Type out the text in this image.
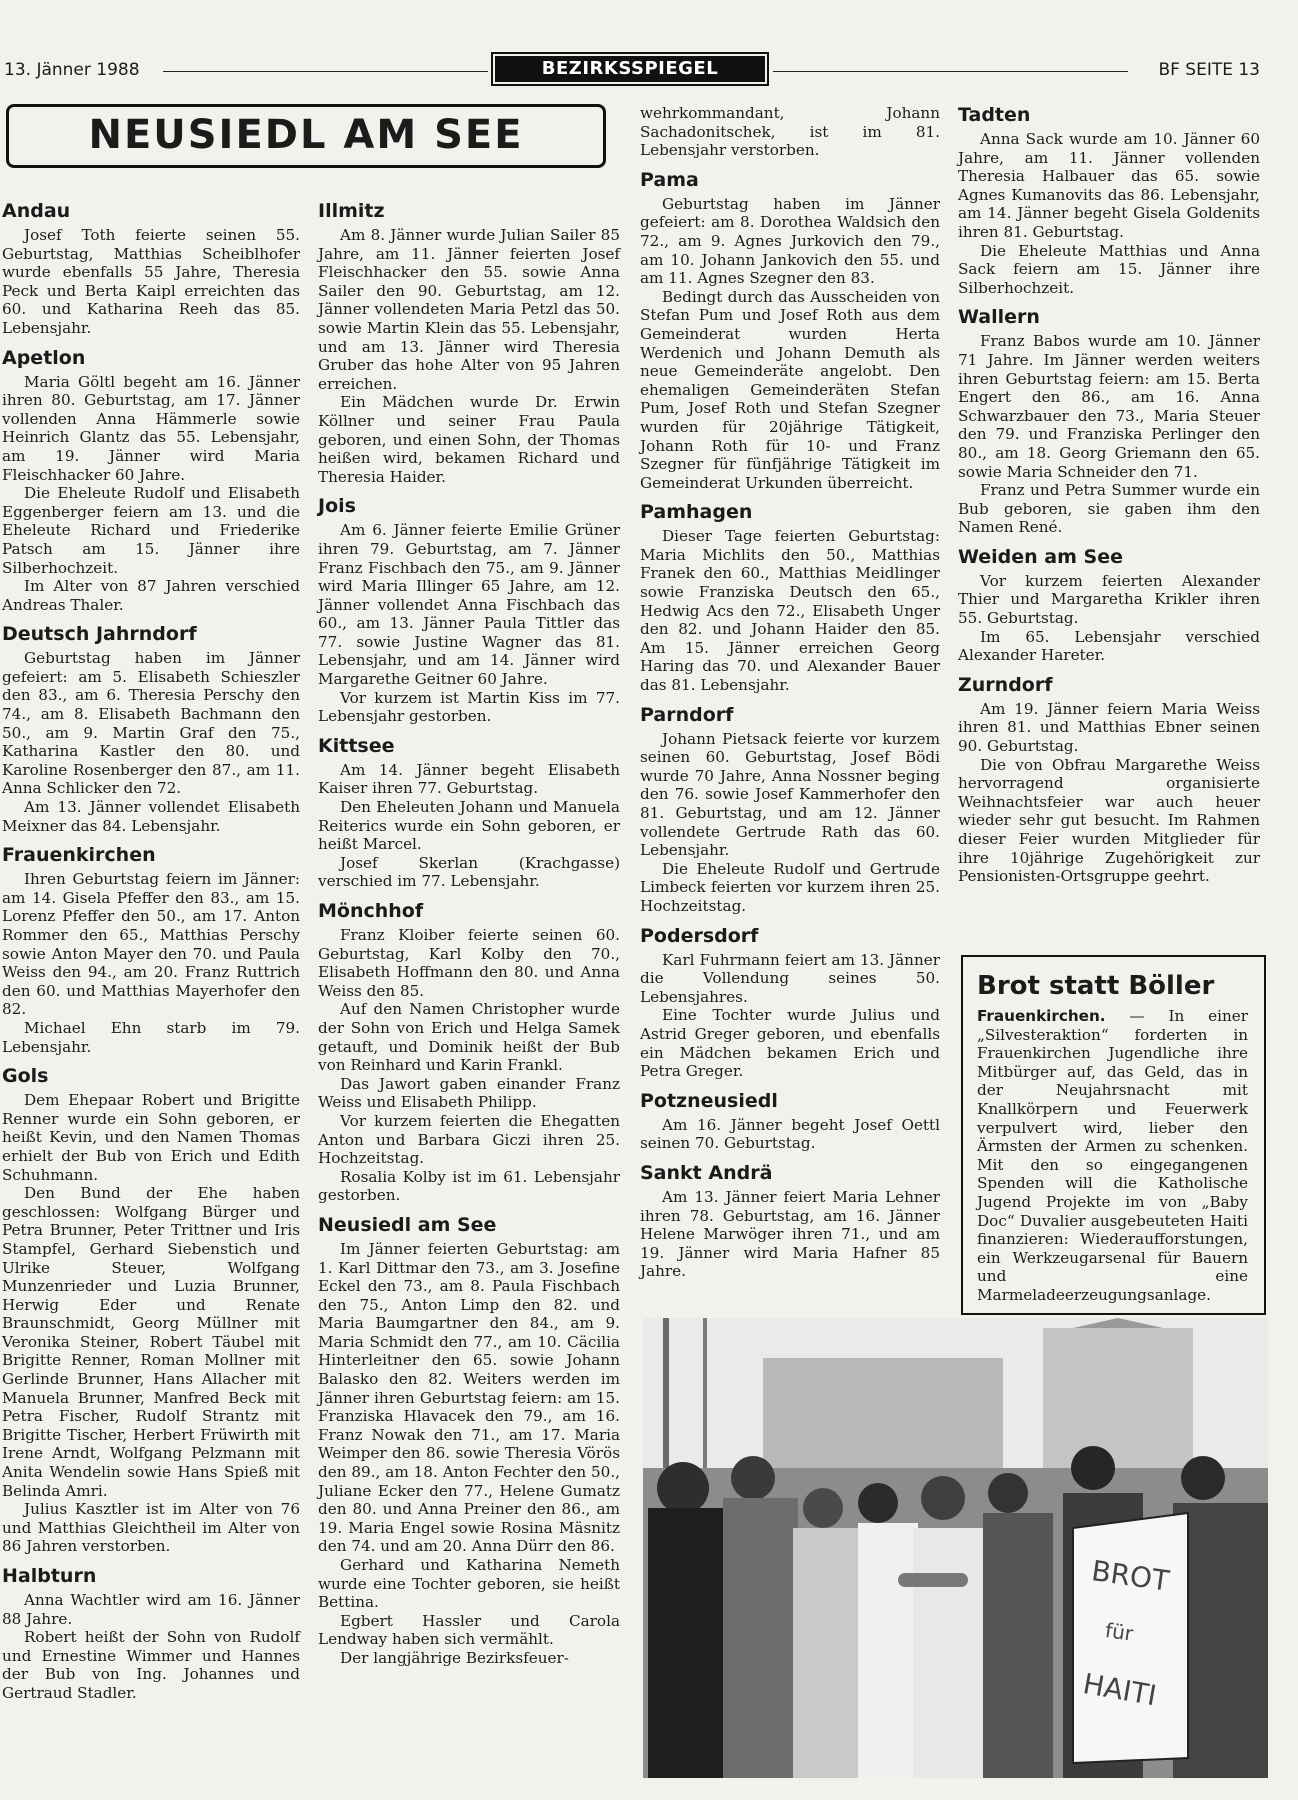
13. Jänner 1988	BEZIRKSSPIEGEL	BF SEITE 13
NEUSIEDL AM SEE
Andau

Josef Toth feierte seinen 55. Geburtstag, Matthias Scheiblhofer wurde ebenfalls 55 Jahre, Theresia Peck und Berta Kaipl erreichten das 60. und Katharina Reeh das 85. Lebensjahr.

Apetlon

Maria Göltl begeht am 16. Jänner ihren 80. Geburtstag, am 17. Jänner vollenden Anna Hämmerle sowie Heinrich Glantz das 55. Lebensjahr, am 19. Jänner wird Maria Fleischhacker 60 Jahre.

Die Eheleute Rudolf und Elisabeth Eggenberger feiern am 13. und die Eheleute Richard und Friederike Patsch am 15. Jänner ihre Silberhochzeit.

Im Alter von 87 Jahren verschied Andreas Thaler.

Deutsch Jahrndorf

Geburtstag haben im Jänner gefeiert: am 5. Elisabeth Schieszler den 83., am 6. Theresia Perschy den 74., am 8. Elisabeth Bachmann den 50., am 9. Martin Graf den 75., Katharina Kastler den 80. und Karoline Rosenberger den 87., am 11. Anna Schlicker den 72.

Am 13. Jänner vollendet Elisabeth Meixner das 84. Lebensjahr.

Frauenkirchen

Ihren Geburtstag feiern im Jänner: am 14. Gisela Pfeffer den 83., am 15. Lorenz Pfeffer den 50., am 17. Anton Rommer den 65., Matthias Perschy sowie Anton Mayer den 70. und Paula Weiss den 94., am 20. Franz Ruttrich den 60. und Matthias Mayerhofer den 82.

Michael Ehn starb im 79. Lebensjahr.

Gols

Dem Ehepaar Robert und Brigitte Renner wurde ein Sohn geboren, er heißt Kevin, und den Namen Thomas erhielt der Bub von Erich und Edith Schuhmann.

Den Bund der Ehe haben geschlossen: Wolfgang Bürger und Petra Brunner, Peter Trittner und Iris Stampfel, Gerhard Siebenstich und Ulrike Steuer, Wolfgang Munzenrieder und Luzia Brunner, Herwig Eder und Renate Braunschmidt, Georg Müllner mit Veronika Steiner, Robert Täubel mit Brigitte Renner, Roman Mollner mit Gerlinde Brunner, Hans Allacher mit Manuela Brunner, Manfred Beck mit Petra Fischer, Rudolf Strantz mit Brigitte Tischer, Herbert Früwirth mit Irene Arndt, Wolfgang Pelzmann mit Anita Wendelin sowie Hans Spieß mit Belinda Amri.

Julius Kasztler ist im Alter von 76 und Matthias Gleichtheil im Alter von 86 Jahren verstorben.

Halbturn

Anna Wachtler wird am 16. Jänner 88 Jahre.

Robert heißt der Sohn von Rudolf und Ernestine Wimmer und Hannes der Bub von Ing. Johannes und Gertraud Stadler.

Illmitz

Am 8. Jänner wurde Julian Sailer 85 Jahre, am 11. Jänner feierten Josef Fleischhacker den 55. sowie Anna Sailer den 90. Geburtstag, am 12. Jänner vollendeten Maria Petzl das 50. sowie Martin Klein das 55. Lebensjahr, und am 13. Jänner wird Theresia Gruber das hohe Alter von 95 Jahren erreichen.

Ein Mädchen wurde Dr. Erwin Köllner und seiner Frau Paula geboren, und einen Sohn, der Thomas heißen wird, bekamen Richard und Theresia Haider.

Jois

Am 6. Jänner feierte Emilie Grüner ihren 79. Geburtstag, am 7. Jänner Franz Fischbach den 75., am 9. Jänner wird Maria Illinger 65 Jahre, am 12. Jänner vollendet Anna Fischbach das 60., am 13. Jänner Paula Tittler das 77. sowie Justine Wagner das 81. Lebensjahr, und am 14. Jänner wird Margarethe Geitner 60 Jahre.

Vor kurzem ist Martin Kiss im 77. Lebensjahr gestorben.

Kittsee

Am 14. Jänner begeht Elisabeth Kaiser ihren 77. Geburtstag.

Den Eheleuten Johann und Manuela Reiterics wurde ein Sohn geboren, er heißt Marcel.

Josef Skerlan (Krachgasse) verschied im 77. Lebensjahr.

Mönchhof

Franz Kloiber feierte seinen 60. Geburtstag, Karl Kolby den 70., Elisabeth Hoffmann den 80. und Anna Weiss den 85.

Auf den Namen Christopher wurde der Sohn von Erich und Helga Samek getauft, und Dominik heißt der Bub von Reinhard und Karin Frankl.

Das Jawort gaben einander Franz Weiss und Elisabeth Philipp.

Vor kurzem feierten die Ehegatten Anton und Barbara Giczi ihren 25. Hochzeitstag.

Rosalia Kolby ist im 61. Lebensjahr gestorben.

Neusiedl am See

Im Jänner feierten Geburtstag: am 1. Karl Dittmar den 73., am 3. Josefine Eckel den 73., am 8. Paula Fischbach den 75., Anton Limp den 82. und Maria Baumgartner den 84., am 9. Maria Schmidt den 77., am 10. Cäcilia Hinterleitner den 65. sowie Johann Balasko den 82. Weiters werden im Jänner ihren Geburtstag feiern: am 15. Franziska Hlavacek den 79., am 16. Franz Nowak den 71., am 17. Maria Weimper den 86. sowie Theresia Vörös den 89., am 18. Anton Fechter den 50., Juliane Ecker den 77., Helene Gumatz den 80. und Anna Preiner den 86., am 19. Maria Engel sowie Rosina Mäsnitz den 74. und am 20. Anna Dürr den 86.

Gerhard und Katharina Nemeth wurde eine Tochter geboren, sie heißt Bettina.

Egbert Hassler und Carola Lendway haben sich vermählt.

Der langjährige Bezirksfeuer-

wehrkommandant, Johann Sachadonitschek, ist im 81. Lebensjahr verstorben.

Pama

Geburtstag haben im Jänner gefeiert: am 8. Dorothea Waldsich den 72., am 9. Agnes Jurkovich den 79., am 10. Johann Jankovich den 55. und am 11. Agnes Szegner den 83.

Bedingt durch das Ausscheiden von Stefan Pum und Josef Roth aus dem Gemeinderat wurden Herta Werdenich und Johann Demuth als neue Gemeinderäte angelobt. Den ehemaligen Gemeinderäten Stefan Pum, Josef Roth und Stefan Szegner wurden für 20jährige Tätigkeit, Johann Roth für 10- und Franz Szegner für fünfjährige Tätigkeit im Gemeinderat Urkunden überreicht.

Pamhagen

Dieser Tage feierten Geburtstag: Maria Michlits den 50., Matthias Franek den 60., Matthias Meidlinger sowie Franziska Deutsch den 65., Hedwig Acs den 72., Elisabeth Unger den 82. und Johann Haider den 85. Am 15. Jänner erreichen Georg Haring das 70. und Alexander Bauer das 81. Lebensjahr.

Parndorf

Johann Pietsack feierte vor kurzem seinen 60. Geburtstag, Josef Bödi wurde 70 Jahre, Anna Nossner beging den 76. sowie Josef Kammerhofer den 81. Geburtstag, und am 12. Jänner vollendete Gertrude Rath das 60. Lebensjahr.

Die Eheleute Rudolf und Gertrude Limbeck feierten vor kurzem ihren 25. Hochzeitstag.

Podersdorf

Karl Fuhrmann feiert am 13. Jänner die Vollendung seines 50. Lebensjahres.

Eine Tochter wurde Julius und Astrid Greger geboren, und ebenfalls ein Mädchen bekamen Erich und Petra Greger.

Potzneusiedl

Am 16. Jänner begeht Josef Oettl seinen 70. Geburtstag.

Sankt Andrä

Am 13. Jänner feiert Maria Lehner ihren 78. Geburtstag, am 16. Jänner Helene Marwöger ihren 71., und am 19. Jänner wird Maria Hafner 85 Jahre.

Tadten

Anna Sack wurde am 10. Jänner 60 Jahre, am 11. Jänner vollenden Theresia Halbauer das 65. sowie Agnes Kumanovits das 86. Lebensjahr, am 14. Jänner begeht Gisela Goldenits ihren 81. Geburtstag.

Die Eheleute Matthias und Anna Sack feiern am 15. Jänner ihre Silberhochzeit.

Wallern

Franz Babos wurde am 10. Jänner 71 Jahre. Im Jänner werden weiters ihren Geburtstag feiern: am 15. Berta Engert den 86., am 16. Anna Schwarzbauer den 73., Maria Steuer den 79. und Franziska Perlinger den 80., am 18. Georg Griemann den 65. sowie Maria Schneider den 71.

Franz und Petra Summer wurde ein Bub geboren, sie gaben ihm den Namen René.

Weiden am See

Vor kurzem feierten Alexander Thier und Margaretha Krikler ihren 55. Geburtstag.

Im 65. Lebensjahr verschied Alexander Hareter.

Zurndorf

Am 19. Jänner feiern Maria Weiss ihren 81. und Matthias Ebner seinen 90. Geburtstag.

Die von Obfrau Margarethe Weiss hervorragend organisierte Weihnachtsfeier war auch heuer wieder sehr gut besucht. Im Rahmen dieser Feier wurden Mitglieder für ihre 10jährige Zugehörigkeit zur Pensionisten-Ortsgruppe geehrt.

Brot statt Böller

Frauenkirchen. — In einer „Silvesteraktion“ forderten in Frauenkirchen Jugendliche ihre Mitbürger auf, das Geld, das in der Neujahrsnacht mit Knallkörpern und Feuerwerk verpulvert wird, lieber den Ärmsten der Armen zu schenken. Mit den so eingegangenen Spenden will die Katholische Jugend Projekte im von „Baby Doc“ Duvalier ausgebeuteten Haiti finanzieren: Wiederaufforstungen, ein Werkzeugarsenal für Bauern und eine Marmeladeerzeugungsanlage.

BROT
für
HAITI
